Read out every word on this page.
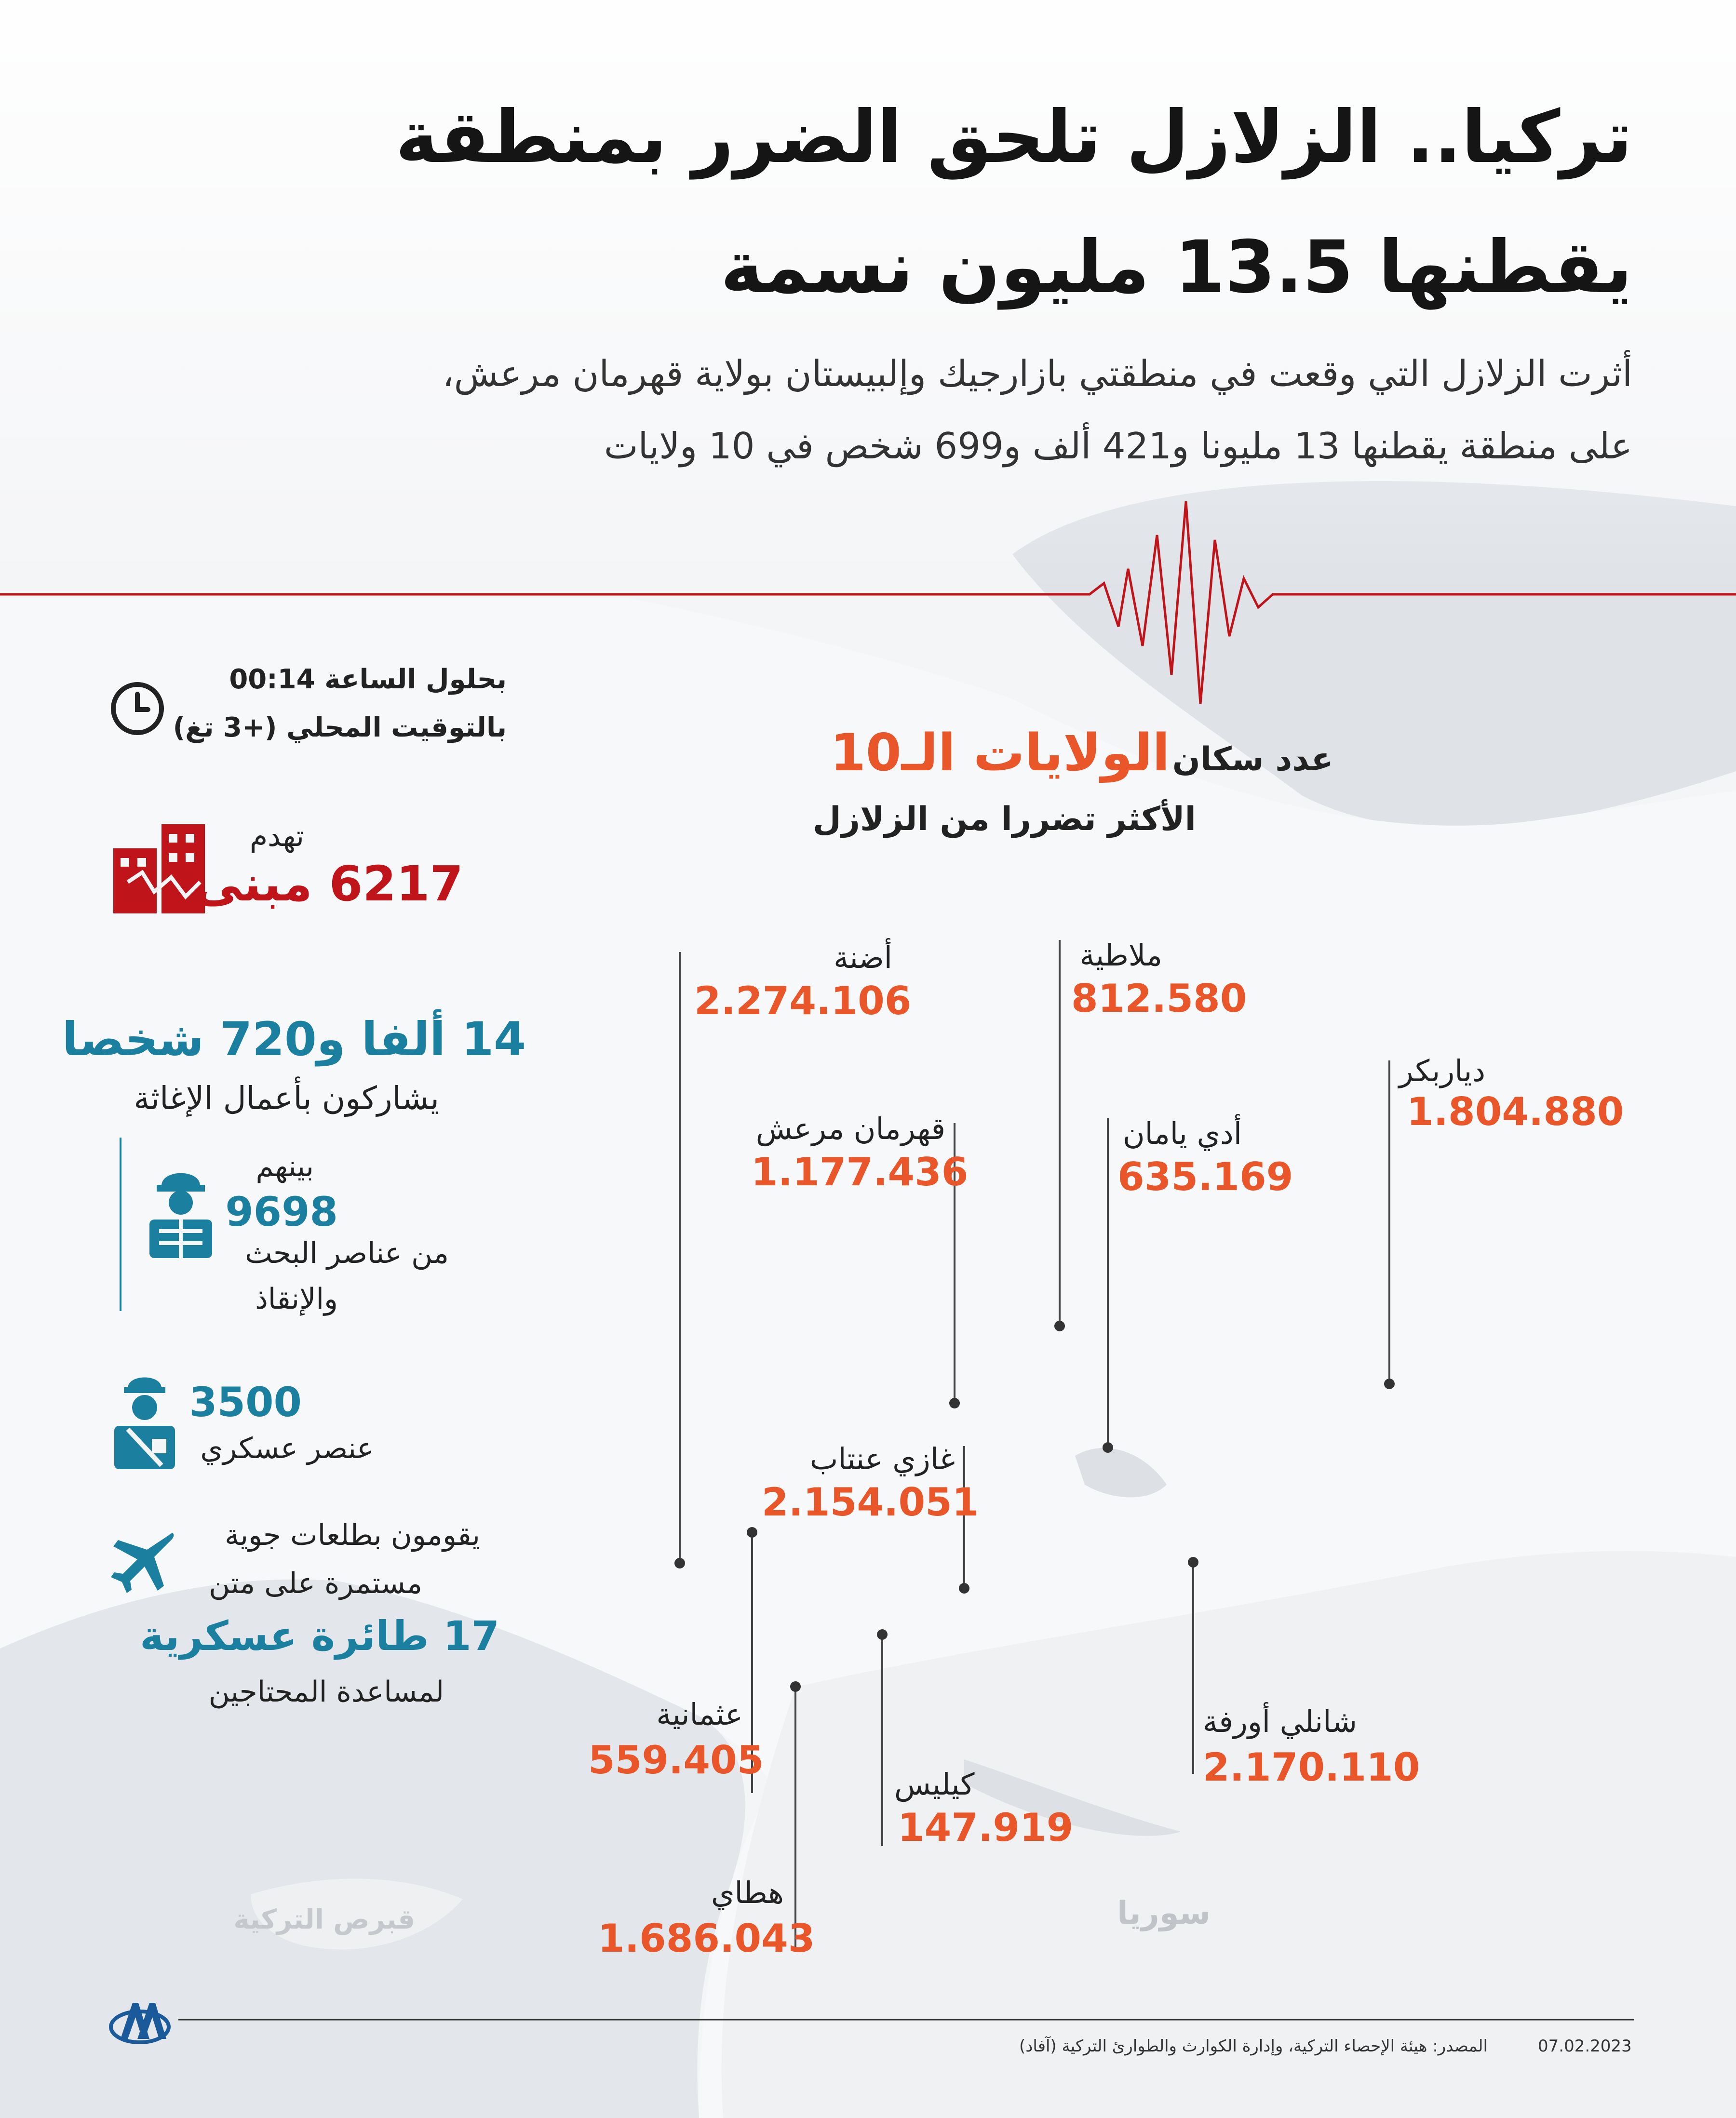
تركيا.. الزلازل تلحق الضرر بمنطقة
يقطنها 13.5 مليون نسمة
أثرت الزلازل التي وقعت في منطقتي بازارجيك وإلبيستان بولاية قهرمان مرعش،
على منطقة يقطنها 13 مليونا و421 ألف و699 شخص في 10 ولايات
بحلول الساعة 00:14
بالتوقيت المحلي (+3 تغ)
تهدم
6217 مبنى
14 ألفا و720 شخصا
يشاركون بأعمال الإغاثة
بينهم
9698
من عناصر البحث
والإنقاذ
3500
عنصر عسكري
يقومون بطلعات جوية
مستمرة على متن
17 طائرة عسكرية
لمساعدة المحتاجين
عدد سكان الولايات الـ10
الأكثر تضررا من الزلازل
أضنة
2.274.106
ملاطية
812.580
دياربكر
1.804.880
قهرمان مرعش
1.177.436
أدي يامان
635.169
غازي عنتاب
2.154.051
عثمانية
559.405
كيليس
147.919
شانلي أورفة
2.170.110
هطاي
1.686.043
قبرص التركية	سوريا
المصدر: هيئة الإحصاء التركية، وإدارة الكوارث والطوارئ التركية (آفاد)	07.02.2023
